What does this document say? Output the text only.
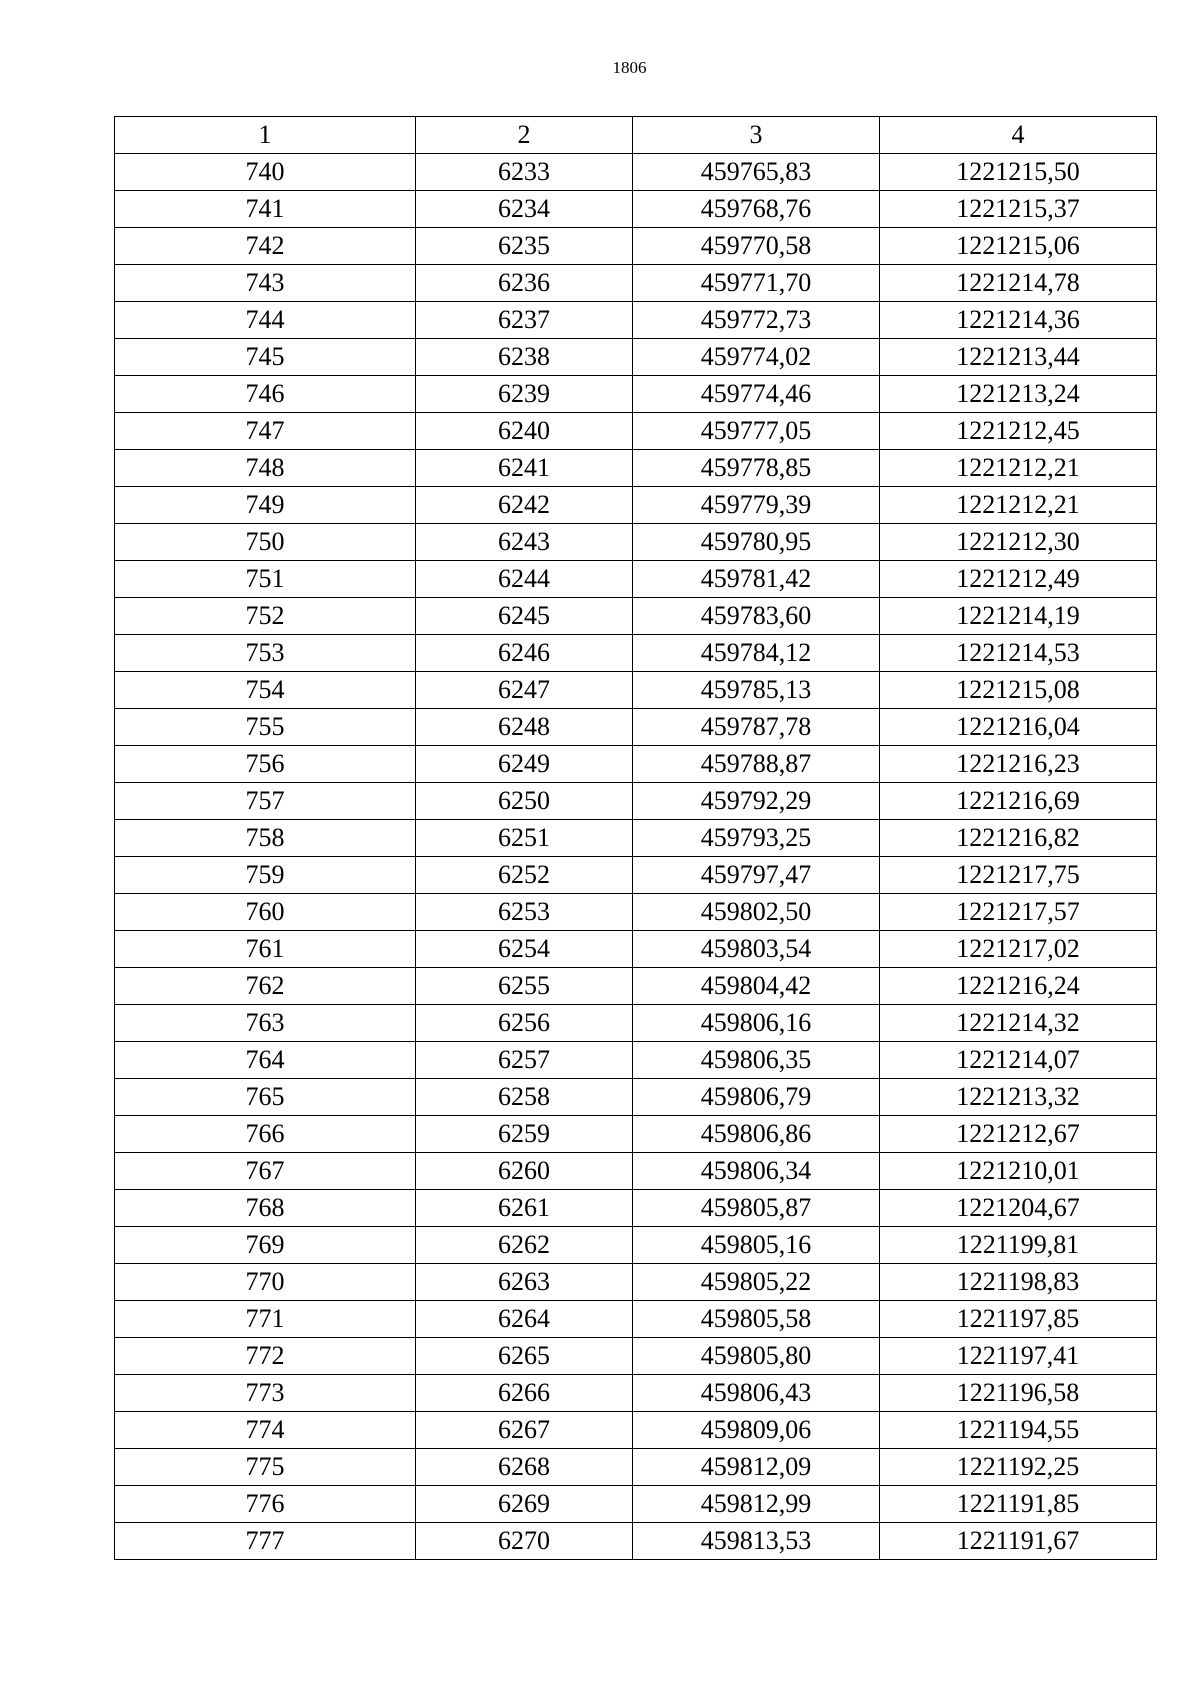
1806
1	2	3	4
740	6233	459765,83	1221215,50
741	6234	459768,76	1221215,37
742	6235	459770,58	1221215,06
743	6236	459771,70	1221214,78
744	6237	459772,73	1221214,36
745	6238	459774,02	1221213,44
746	6239	459774,46	1221213,24
747	6240	459777,05	1221212,45
748	6241	459778,85	1221212,21
749	6242	459779,39	1221212,21
750	6243	459780,95	1221212,30
751	6244	459781,42	1221212,49
752	6245	459783,60	1221214,19
753	6246	459784,12	1221214,53
754	6247	459785,13	1221215,08
755	6248	459787,78	1221216,04
756	6249	459788,87	1221216,23
757	6250	459792,29	1221216,69
758	6251	459793,25	1221216,82
759	6252	459797,47	1221217,75
760	6253	459802,50	1221217,57
761	6254	459803,54	1221217,02
762	6255	459804,42	1221216,24
763	6256	459806,16	1221214,32
764	6257	459806,35	1221214,07
765	6258	459806,79	1221213,32
766	6259	459806,86	1221212,67
767	6260	459806,34	1221210,01
768	6261	459805,87	1221204,67
769	6262	459805,16	1221199,81
770	6263	459805,22	1221198,83
771	6264	459805,58	1221197,85
772	6265	459805,80	1221197,41
773	6266	459806,43	1221196,58
774	6267	459809,06	1221194,55
775	6268	459812,09	1221192,25
776	6269	459812,99	1221191,85
777	6270	459813,53	1221191,67
